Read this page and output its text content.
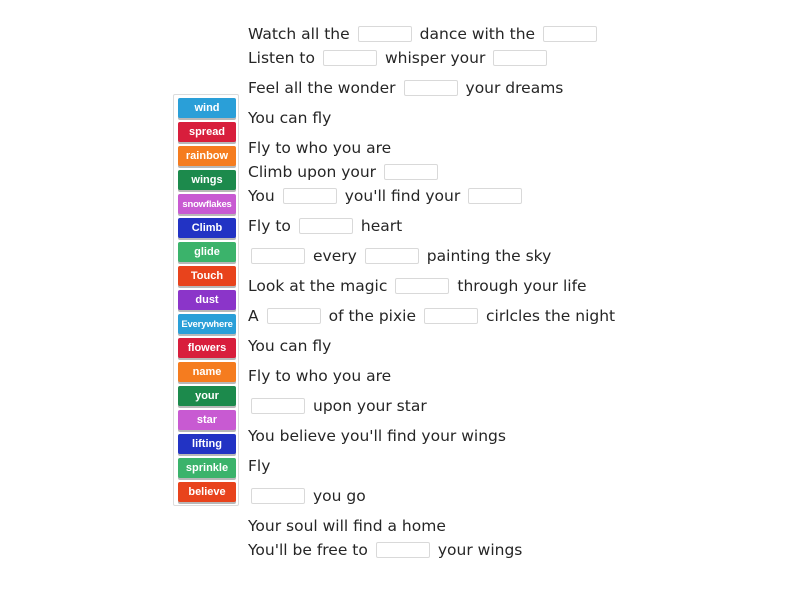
wind
spread
rainbow
wings
snowflakes
Climb
glide
Touch
dust
Everywhere
flowers
name
your
star
lifting
sprinkle
believe
Watch all the	dance with the
Listen to	whisper your
Feel all the wonder	your dreams
You can fly
Fly to who you are
Climb upon your
You	you'll find your
Fly to	heart
every	painting the sky
Look at the magic	through your life
A	of the pixie	cirlcles the night
You can fly
Fly to who you are
upon your star
You believe you'll find your wings
Fly
you go
Your soul will find a home
You'll be free to	your wings
